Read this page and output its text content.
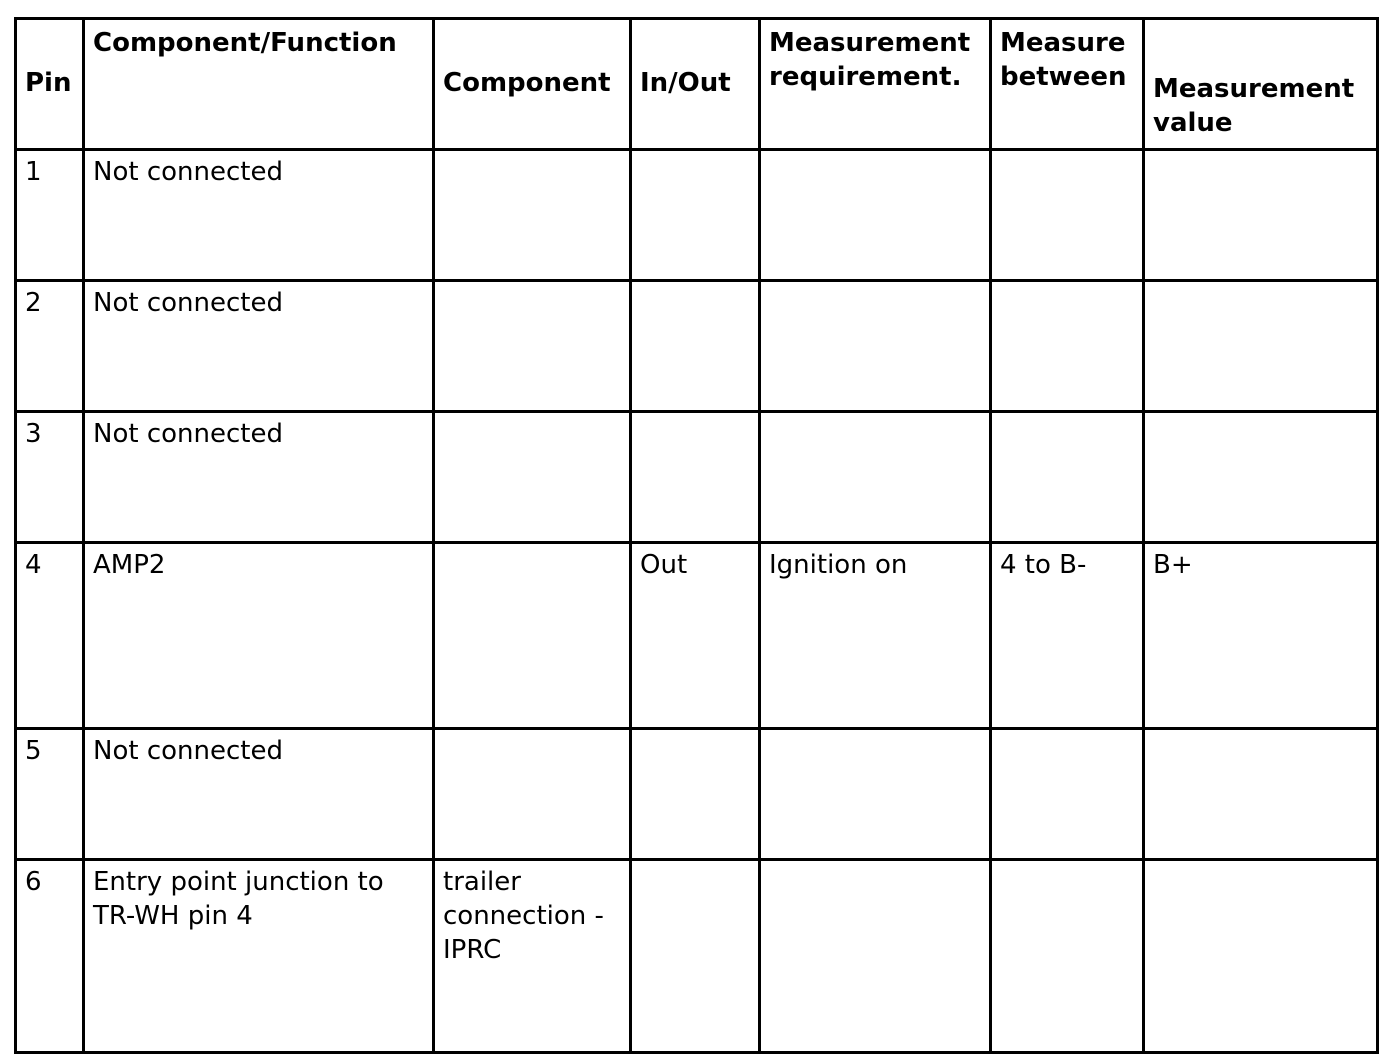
Pin	Component/Function	Component	In/Out	Measurement requirement.	Measure between	Measurement value

1	Not connected					

2	Not connected					

3	Not connected					

4	AMP2		Out	Ignition on	4 to B-	B+

5	Not connected					

6	Entry point junction to TR-WH pin 4	trailer connection - IPRC				
